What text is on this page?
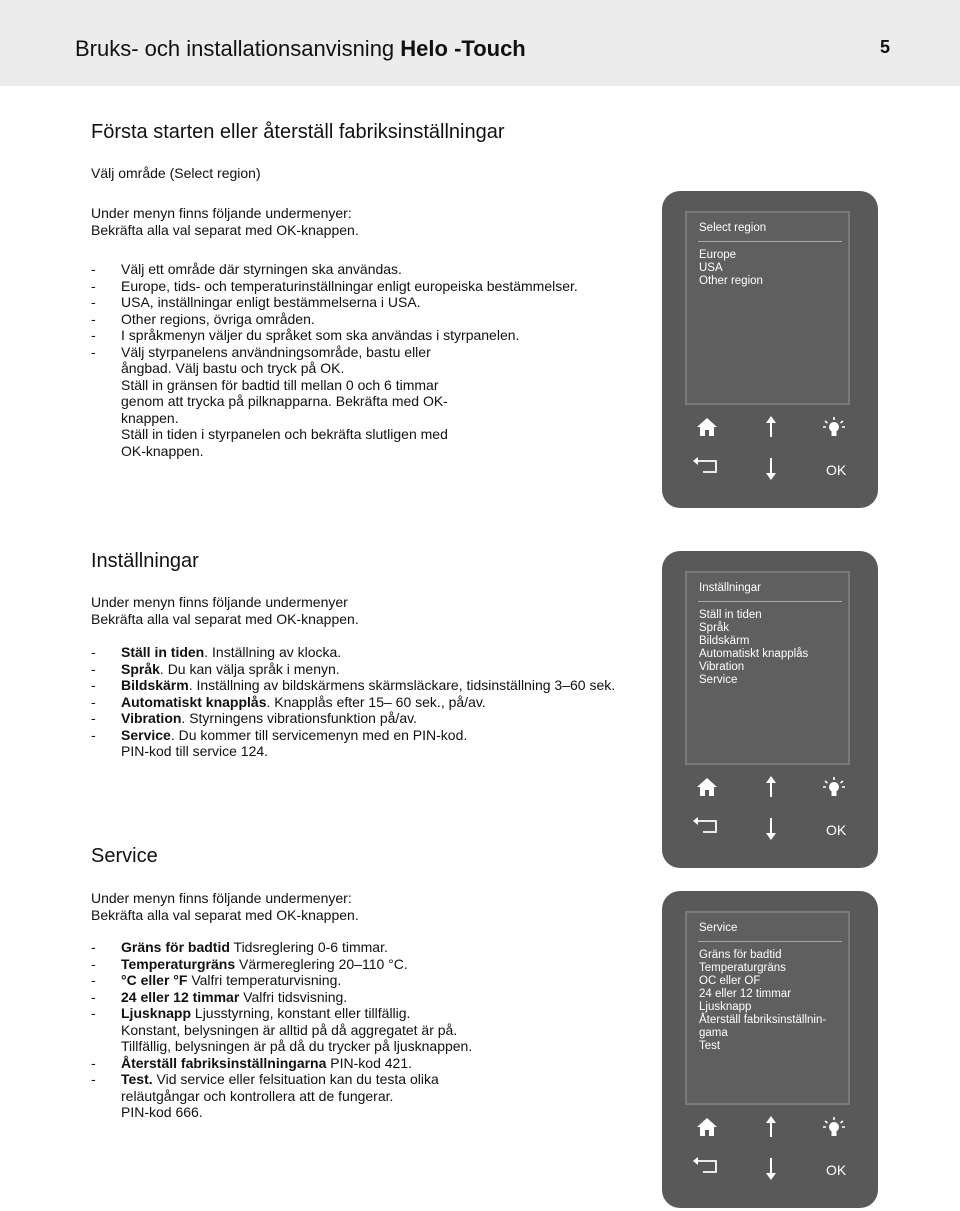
Bruks- och installationsanvisning Helo -Touch	5
Första starten eller återställ fabriksinställningar
Välj område (Select region)
Under menyn finns följande undermenyer:
Bekräfta alla val separat med OK-knappen.
- Välj ett område där styrningen ska användas.
- Europe, tids- och temperaturinställningar enligt europeiska bestämmelser.
- USA, inställningar enligt bestämmelserna i USA.
- Other regions, övriga områden.
- I språkmenyn väljer du språket som ska användas i styrpanelen.
- Välj styrpanelens användningsområde, bastu eller
ångbad. Välj bastu och tryck på OK.
Ställ in gränsen för badtid till mellan 0 och 6 timmar
genom att trycka på pilknapparna. Bekräfta med OK-
knappen.
Ställ in tiden i styrpanelen och bekräfta slutligen med
OK-knappen.
Select region
Europe
USA
Other region
OK
Inställningar
Under menyn finns följande undermenyer
Bekräfta alla val separat med OK-knappen.
- Ställ in tiden. Inställning av klocka.
- Språk. Du kan välja språk i menyn.
- Bildskärm. Inställning av bildskärmens skärmsläckare, tidsinställning 3–60 sek.
- Automatiskt knapplås. Knapplås efter 15– 60 sek., på/av.
- Vibration. Styrningens vibrationsfunktion på/av.
- Service. Du kommer till servicemenyn med en PIN-kod.
PIN-kod till service 124.
Inställningar
Ställ in tiden
Språk
Bildskärm
Automatiskt knapplås
Vibration
Service
OK
Service
Under menyn finns följande undermenyer:
Bekräfta alla val separat med OK-knappen.
- Gräns för badtid Tidsreglering 0-6 timmar.
- Temperaturgräns Värmereglering 20–110 °C.
- °C eller °F Valfri temperaturvisning.
- 24 eller 12 timmar Valfri tidsvisning.
- Ljusknapp Ljusstyrning, konstant eller tillfällig.
Konstant, belysningen är alltid på då aggregatet är på.
Tillfällig, belysningen är på då du trycker på ljusknappen.
- Återställ fabriksinställningarna PIN-kod 421.
- Test. Vid service eller felsituation kan du testa olika
reläutgångar och kontrollera att de fungerar.
PIN-kod 666.
Service
Gräns för badtid
Temperaturgräns
OC eller OF
24 eller 12 timmar
Ljusknapp
Återställ fabriksinställnin-
gama
Test
OK
